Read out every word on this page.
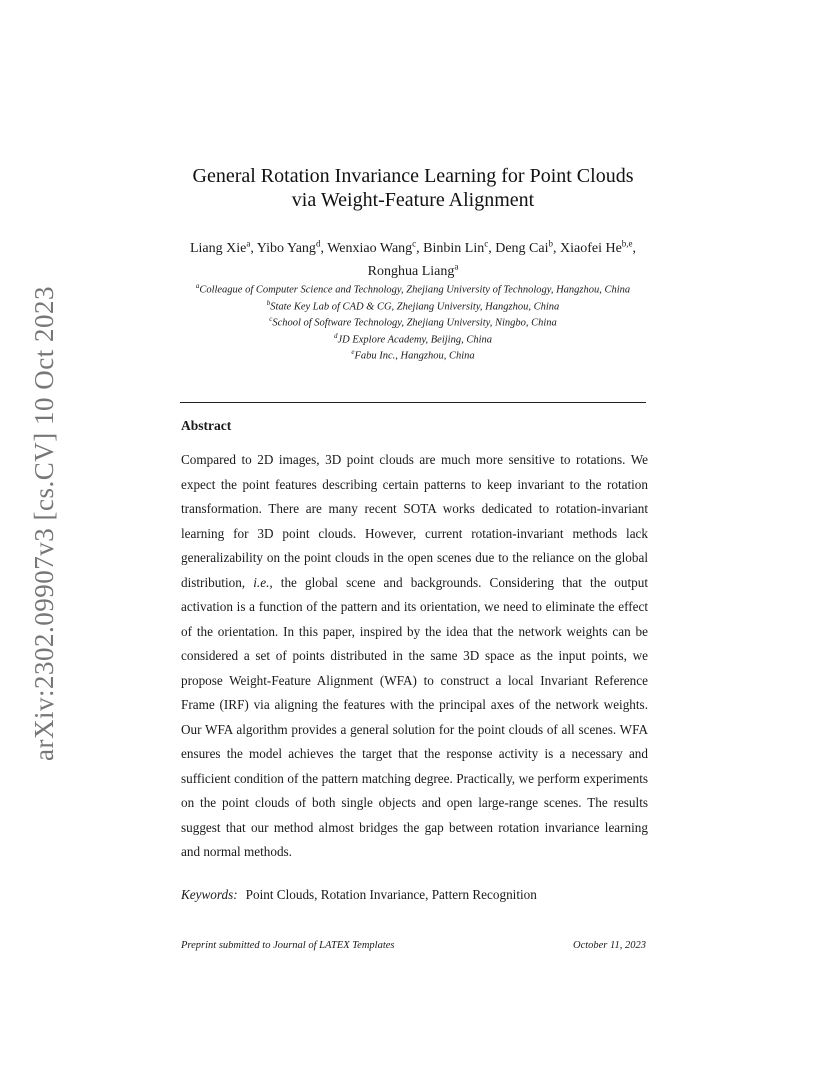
arXiv:2302.09907v3 [cs.CV] 10 Oct 2023
General Rotation Invariance Learning for Point Clouds
via Weight-Feature Alignment
Liang Xie$^a$, Yibo Yang$^d$, Wenxiao Wang$^c$, Binbin Lin$^c$, Deng Cai$^b$, Xiaofei He$^{b,e}$, Ronghua Liang$^a$
$^a$Colleague of Computer Science and Technology, Zhejiang University of Technology, Hangzhou, China
$^b$State Key Lab of CAD & CG, Zhejiang University, Hangzhou, China
$^c$School of Software Technology, Zhejiang University, Ningbo, China
$^d$JD Explore Academy, Beijing, China
$^e$Fabu Inc., Hangzhou, China
Abstract
Compared to 2D images, 3D point clouds are much more sensitive to rotations. We expect the point features describing certain patterns to keep invariant to the rotation transformation. There are many recent SOTA works dedicated to rotation-invariant learning for 3D point clouds. However, current rotation-invariant methods lack generalizability on the point clouds in the open scenes due to the reliance on the global distribution, i.e., the global scene and backgrounds. Considering that the output activation is a function of the pattern and its orientation, we need to eliminate the effect of the orientation. In this paper, inspired by the idea that the network weights can be considered a set of points distributed in the same 3D space as the input points, we propose Weight-Feature Alignment (WFA) to construct a local Invariant Reference Frame (IRF) via aligning the features with the principal axes of the network weights. Our WFA algorithm provides a general solution for the point clouds of all scenes. WFA ensures the model achieves the target that the response activity is a necessary and sufficient condition of the pattern matching degree. Practically, we perform experiments on the point clouds of both single objects and open large-range scenes. The results suggest that our method almost bridges the gap between rotation invariance learning and normal methods.
Keywords: Point Clouds, Rotation Invariance, Pattern Recognition
Preprint submitted to Journal of LATEX Templates	October 11, 2023
